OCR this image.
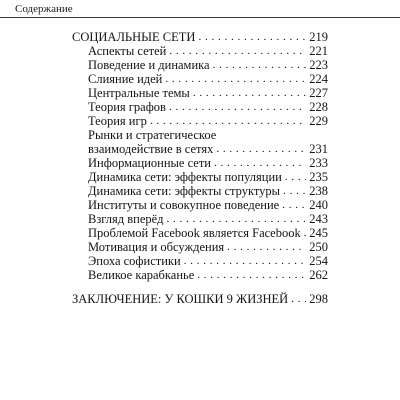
Содержание
СОЦИАЛЬНЫЕ СЕТИ . . .	219
Аспекты сетей . . .	221
Поведение и динамика . . .	223
Слияние идей . . .	224
Центральные темы . . .	227
Теория графов . . .	228
Теория игр . . .	229
Рынки и стратегическое
взаимодействие в сетях . . .	231
Информационные сети . . .	233
Динамика сети: эффекты популяции . . . 235
Динамика сети: эффекты структуры . . . 238
Институты и совокупное поведение . . . 240
Взгляд вперёд . . .	243
Проблемой Facebook является Facebook . . . 245
Мотивация и обсуждения . . .	250
Эпоха софистики . . .	254
Великое карабканье . . .	262
ЗАКЛЮЧЕНИЕ: У КОШКИ 9 ЖИЗНЕЙ . . . 298
